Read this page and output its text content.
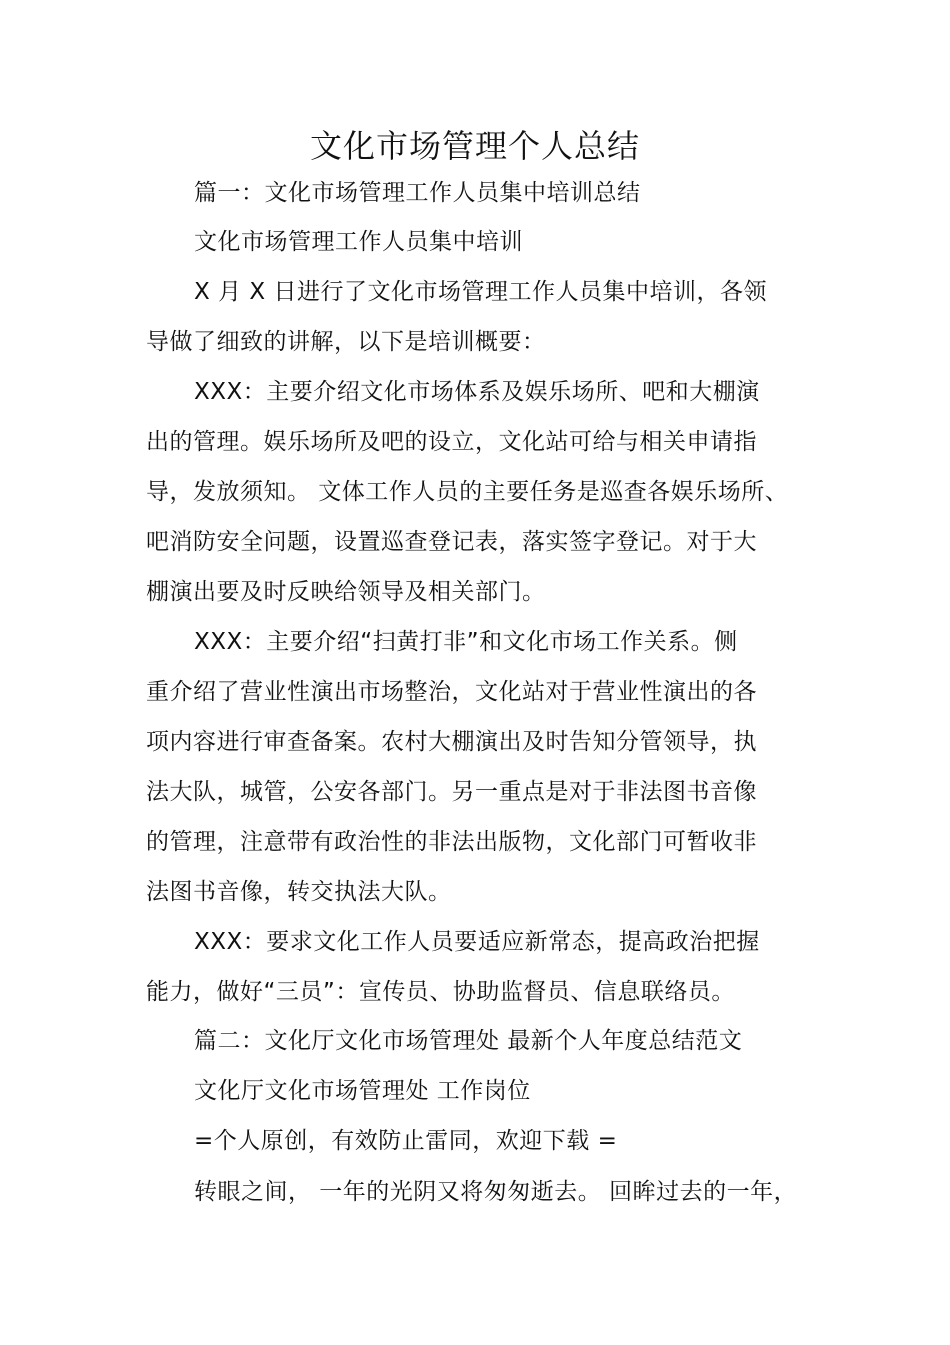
文化市场管理个人总结
篇一：文化市场管理工作人员集中培训总结
文化市场管理工作人员集中培训
X 月 X 日进行了文化市场管理工作人员集中培训，各领
导做了细致的讲解，以下是培训概要：
XXX：主要介绍文化市场体系及娱乐场所、吧和大棚演
出的管理。娱乐场所及吧的设立，文化站可给与相关申请指
导，发放须知。 文体工作人员的主要任务是巡查各娱乐场所、
吧消防安全问题，设置巡查登记表，落实签字登记。对于大
棚演出要及时反映给领导及相关部门。
XXX：主要介绍“扫黄打非”和文化市场工作关系。侧
重介绍了营业性演出市场整治，文化站对于营业性演出的各
项内容进行审查备案。农村大棚演出及时告知分管领导，执
法大队，城管，公安各部门。另一重点是对于非法图书音像
的管理，注意带有政治性的非法出版物，文化部门可暂收非
法图书音像，转交执法大队。
XXX：要求文化工作人员要适应新常态，提高政治把握
能力，做好“三员”：宣传员、协助监督员、信息联络员。
篇二：文化厅文化市场管理处 最新个人年度总结范文
文化厅文化市场管理处 工作岗位
=个人原创，有效防止雷同，欢迎下载 =
转眼之间， 一年的光阴又将匆匆逝去。 回眸过去的一年，
